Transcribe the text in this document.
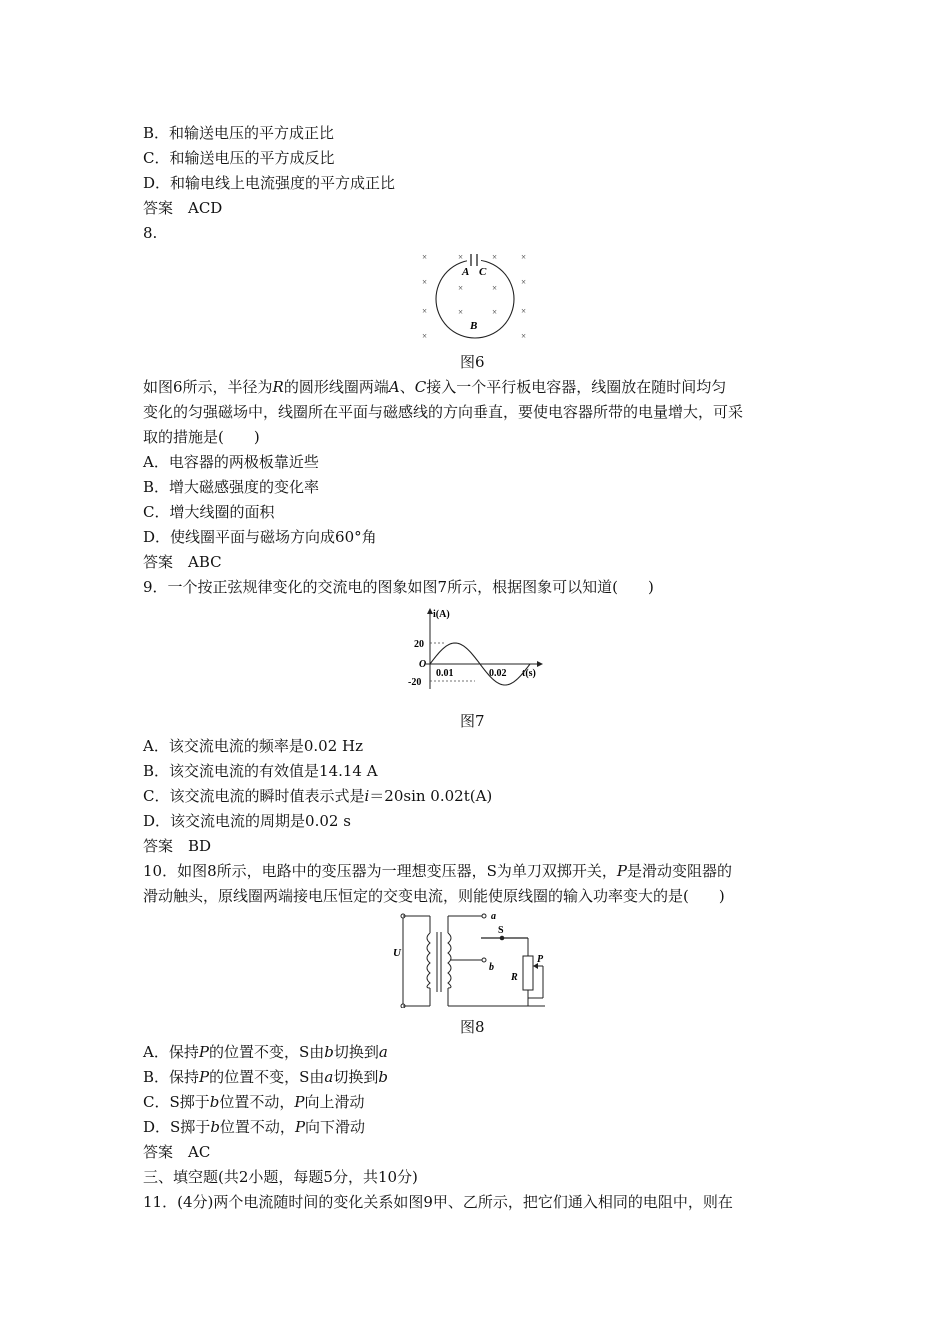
B．和输送电压的平方成正比
C．和输送电压的平方成反比
D．和输电线上电流强度的平方成正比
答案　ACD
8.
A C
B
×	×	×	×
×
×	×
×
×	×	×	×
×	×
图6
如图6所示，半径为R的圆形线圈两端A、C接入一个平行板电容器，线圈放在随时间均匀
变化的匀强磁场中，线圈所在平面与磁感线的方向垂直，要使电容器所带的电量增大，可采
取的措施是(　　)
A．电容器的两极板靠近些
B．增大磁感强度的变化率
C．增大线圈的面积
D．使线圈平面与磁场方向成60°角
答案　ABC
9．一个按正弦规律变化的交流电的图象如图7所示，根据图象可以知道(　　)
i(A)
t(s)
O
20
-20
0.01	0.02
图7
A．该交流电流的频率是0.02 Hz
B．该交流电流的有效值是14.14 A
C．该交流电流的瞬时值表示式是i＝20sin 0.02t(A)
D．该交流电流的周期是0.02 s
答案　BD
10．如图8所示，电路中的变压器为一理想变压器，S为单刀双掷开关，P是滑动变阻器的
滑动触头，原线圈两端接电压恒定的交变电流，则能使原线圈的输入功率变大的是(　　)
U
a
b
S
R
P
图8
A．保持P的位置不变，S由b切换到a
B．保持P的位置不变，S由a切换到b
C．S掷于b位置不动，P向上滑动
D．S掷于b位置不动，P向下滑动
答案　AC
三、填空题(共2小题，每题5分，共10分)
11．(4分)两个电流随时间的变化关系如图9甲、乙所示，把它们通入相同的电阻中，则在
